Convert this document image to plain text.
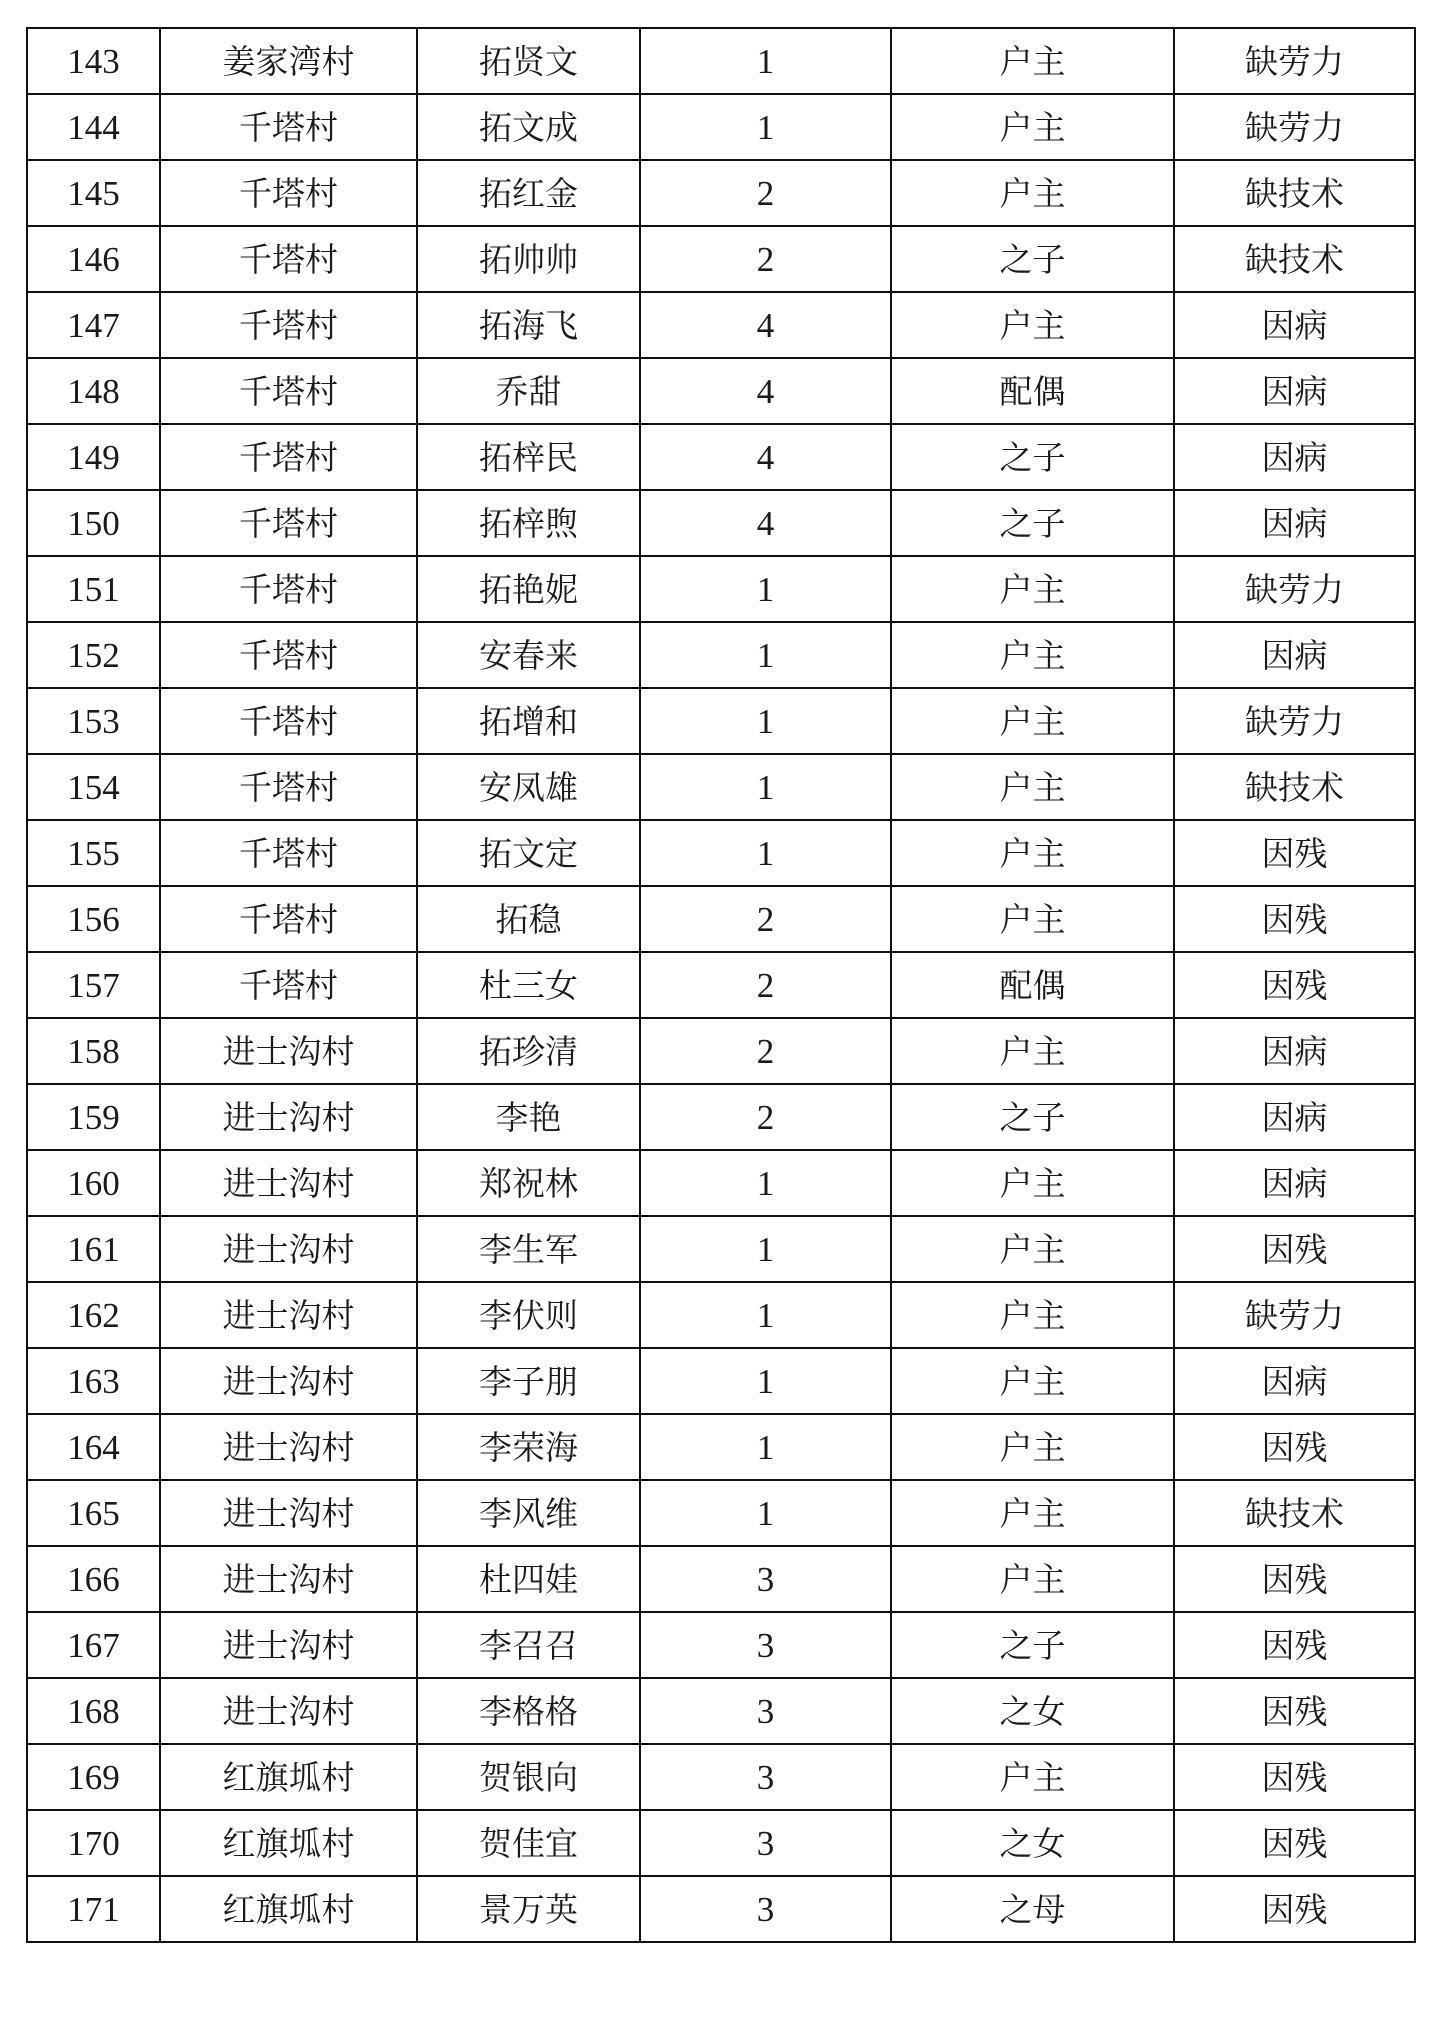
143	姜家湾村	拓贤文	1	户主	缺劳力
144	千塔村	拓文成	1	户主	缺劳力
145	千塔村	拓红金	2	户主	缺技术
146	千塔村	拓帅帅	2	之子	缺技术
147	千塔村	拓海飞	4	户主	因病
148	千塔村	乔甜	4	配偶	因病
149	千塔村	拓梓民	4	之子	因病
150	千塔村	拓梓煦	4	之子	因病
151	千塔村	拓艳妮	1	户主	缺劳力
152	千塔村	安春来	1	户主	因病
153	千塔村	拓增和	1	户主	缺劳力
154	千塔村	安凤雄	1	户主	缺技术
155	千塔村	拓文定	1	户主	因残
156	千塔村	拓稳	2	户主	因残
157	千塔村	杜三女	2	配偶	因残
158	进士沟村	拓珍清	2	户主	因病
159	进士沟村	李艳	2	之子	因病
160	进士沟村	郑祝林	1	户主	因病
161	进士沟村	李生军	1	户主	因残
162	进士沟村	李伏则	1	户主	缺劳力
163	进士沟村	李子朋	1	户主	因病
164	进士沟村	李荣海	1	户主	因残
165	进士沟村	李风维	1	户主	缺技术
166	进士沟村	杜四娃	3	户主	因残
167	进士沟村	李召召	3	之子	因残
168	进士沟村	李格格	3	之女	因残
169	红旗坬村	贺银向	3	户主	因残
170	红旗坬村	贺佳宜	3	之女	因残
171	红旗坬村	景万英	3	之母	因残
